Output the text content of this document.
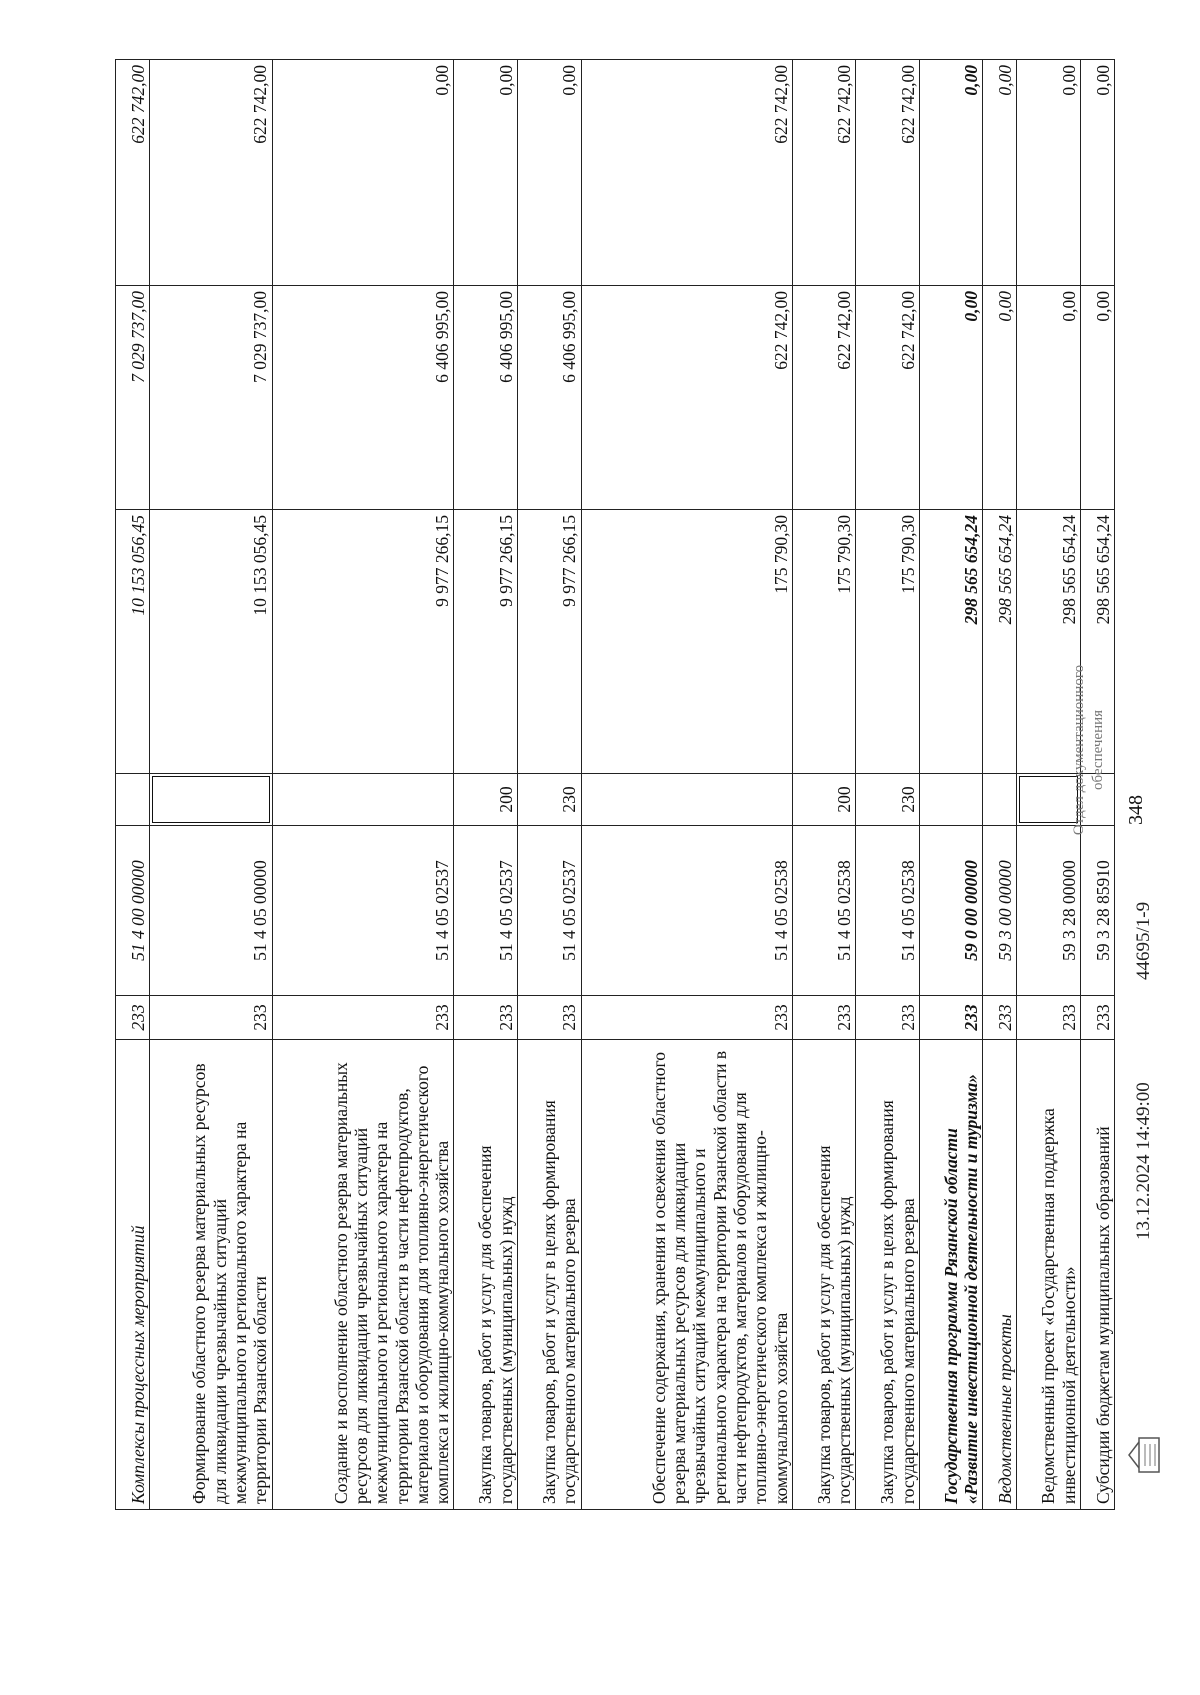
348
Комплексы процессных мероприятий	233	51 4 00 00000		10 153 056,45	7 029 737,00	622 742,00
Формирование областного резерва материальных ресурсов для ликвидации чрезвычайных ситуаций межмуниципального и регионального характера на территории Рязанской области	233	51 4 05 00000		10 153 056,45	7 029 737,00	622 742,00
Создание и восполнение областного резерва материальных ресурсов для ликвидации чрезвычайных ситуаций межмуниципального и регионального характера на территории Рязанской области в части нефтепродуктов, материалов и оборудования для топливно-энергетического комплекса и жилищно-коммунального хозяйства	233	51 4 05 02537		9 977 266,15	6 406 995,00	0,00
Закупка товаров, работ и услуг для обеспечения государственных (муниципальных) нужд	233	51 4 05 02537	200	9 977 266,15	6 406 995,00	0,00
Закупка товаров, работ и услуг в целях формирования государственного материального резерва	233	51 4 05 02537	230	9 977 266,15	6 406 995,00	0,00
Обеспечение содержания, хранения и освежения областного резерва материальных ресурсов для ликвидации чрезвычайных ситуаций межмуниципального и регионального характера на территории Рязанской области в части нефтепродуктов, материалов и оборудования для топливно-энергетического комплекса и жилищно-коммунального хозяйства	233	51 4 05 02538		175 790,30	622 742,00	622 742,00
Закупка товаров, работ и услуг для обеспечения государственных (муниципальных) нужд	233	51 4 05 02538	200	175 790,30	622 742,00	622 742,00
Закупка товаров, работ и услуг в целях формирования государственного материального резерва	233	51 4 05 02538	230	175 790,30	622 742,00	622 742,00
Государственная программа Рязанской области «Развитие инвестиционной деятельности и туризма»	233	59 0 00 00000		298 565 654,24	0,00	0,00
Ведомственные проекты	233	59 3 00 00000		298 565 654,24	0,00	0,00
Ведомственный проект «Государственная поддержка инвестиционной деятельности»	233	59 3 28 00000		298 565 654,24	0,00	0,00
Субсидии бюджетам муниципальных образований	233	59 3 28 85910		298 565 654,24	0,00	0,00
13.12.2024 14:49:00
44695/1-9
Отдел документационного обеспечения
